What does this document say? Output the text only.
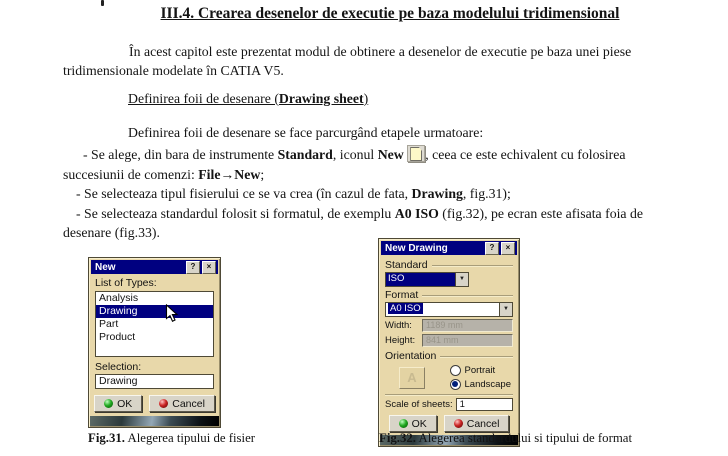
III.4. Crearea desenelor de executie pe baza modelului tridimensional
În acest capitol este prezentat modul de obtinere a desenelor de executie pe baza unei piese tridimensionale modelate în CATIA V5.
Definirea foii de desenare (Drawing sheet)
Definirea foii de desenare se face parcurgând etapele urmatoare:
- Se alege, din bara de instrumente Standard, iconul New , ceea ce este echivalent cu folosirea
succesiunii de comenzi: File→New;
- Se selecteaza tipul fisierului ce se va crea (în cazul de fata, Drawing, fig.31);
- Se selecteaza standardul folosit si formatul, de exemplu A0 ISO (fig.32), pe ecran este afisata foia de
desenare (fig.33).
New	?	×
List of Types:
Analysis
Drawing
Part
Product
Selection:
Drawing
OK	Cancel
New Drawing	?	×
Standard
ISO	▼
Format
A0 ISO	▼
Width:	1189 mm
Height:	841 mm
Orientation
A	Portrait
Landscape
Scale of sheets: 1
OK	Cancel
Fig.31. Alegerea tipului de fisier	Fig.32. Alegerea standardului si tipului de format
